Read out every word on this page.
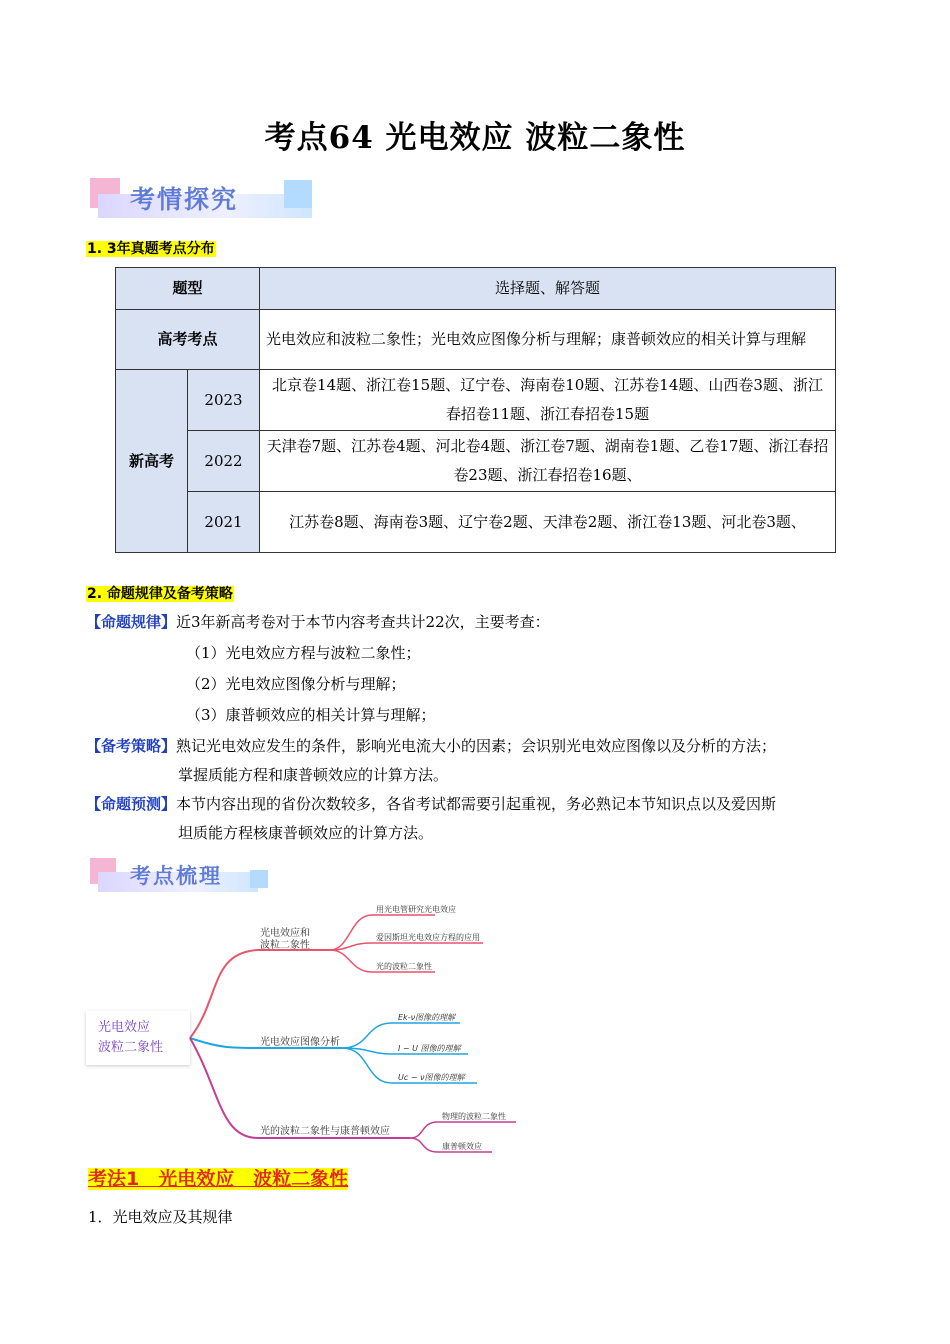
考点64 光电效应 波粒二象性
考情探究
1. 3年真题考点分布
题型		选择题、解答题
高考考点		光电效应和波粒二象性；光电效应图像分析与理解；康普顿效应的相关计算与理解
新高考	2023	北京卷14题、浙江卷15题、辽宁卷、海南卷10题、江苏卷14题、山西卷3题、浙江春招卷11题、浙江春招卷15题
	2022	天津卷7题、江苏卷4题、河北卷4题、浙江卷7题、湖南卷1题、乙卷17题、浙江春招卷23题、浙江春招卷16题、
	2021	江苏卷8题、海南卷3题、辽宁卷2题、天津卷2题、浙江卷13题、河北卷3题、
2. 命题规律及备考策略
【命题规律】近3年新高考卷对于本节内容考查共计22次，主要考查：
（1）光电效应方程与波粒二象性；
（2）光电效应图像分析与理解；
（3）康普顿效应的相关计算与理解；
【备考策略】熟记光电效应发生的条件，影响光电流大小的因素；会识别光电效应图像以及分析的方法；
掌握质能方程和康普顿效应的计算方法。
【命题预测】本节内容出现的省份次数较多，各省考试都需要引起重视，务必熟记本节知识点以及爱因斯
坦质能方程核康普顿效应的计算方法。
考点梳理
光电效应
波粒二象性
光电效应和
波粒二象性
用光电管研究光电效应
爱因斯坦光电效应方程的应用
光的波粒二象性
光电效应图像分析
Ek-ν图像的理解
I − U 图像的理解
Uc − ν图像的理解
光的波粒二象性与康普顿效应
物理的波粒二象性
康普顿效应
考法1　光电效应　波粒二象性
1．光电效应及其规律
